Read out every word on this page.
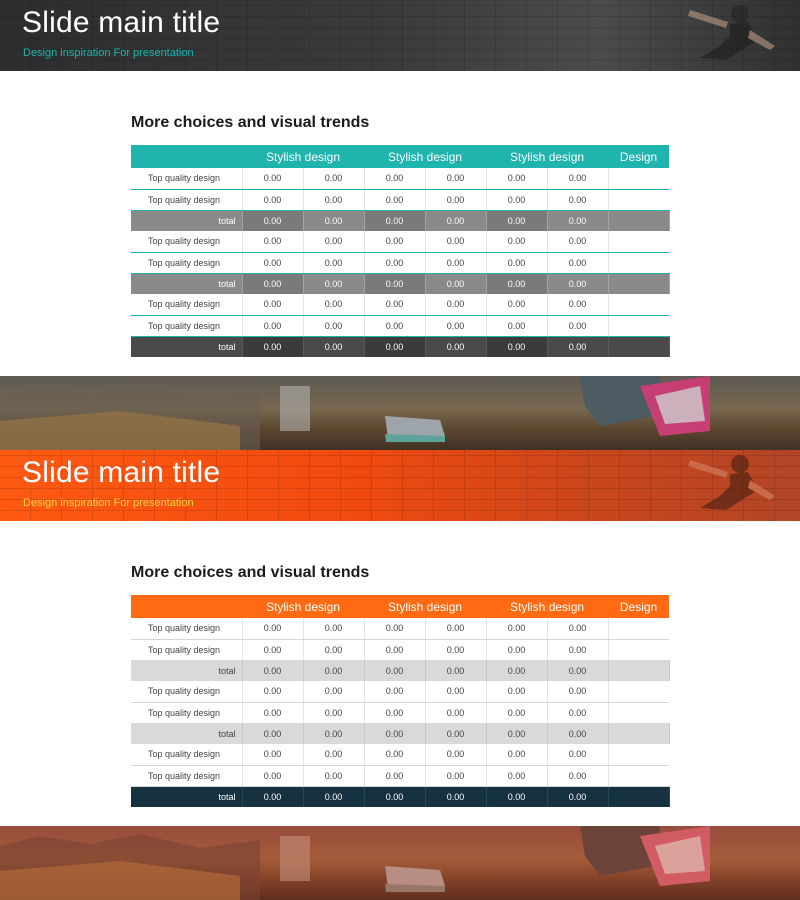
Slide main title
Design inspiration For presentation
More choices and visual trends
	Stylish design		Stylish design		Stylish design		Design
Top quality design	0.00	0.00	0.00	0.00	0.00	0.00	
Top quality design	0.00	0.00	0.00	0.00	0.00	0.00	
total	0.00	0.00	0.00	0.00	0.00	0.00	
Top quality design	0.00	0.00	0.00	0.00	0.00	0.00	
Top quality design	0.00	0.00	0.00	0.00	0.00	0.00	
total	0.00	0.00	0.00	0.00	0.00	0.00	
Top quality design	0.00	0.00	0.00	0.00	0.00	0.00	
Top quality design	0.00	0.00	0.00	0.00	0.00	0.00	
total	0.00	0.00	0.00	0.00	0.00	0.00	
Slide main title
Design inspiration For presentation
More choices and visual trends
	Stylish design		Stylish design		Stylish design		Design
Top quality design	0.00	0.00	0.00	0.00	0.00	0.00	
Top quality design	0.00	0.00	0.00	0.00	0.00	0.00	
total	0.00	0.00	0.00	0.00	0.00	0.00	
Top quality design	0.00	0.00	0.00	0.00	0.00	0.00	
Top quality design	0.00	0.00	0.00	0.00	0.00	0.00	
total	0.00	0.00	0.00	0.00	0.00	0.00	
Top quality design	0.00	0.00	0.00	0.00	0.00	0.00	
Top quality design	0.00	0.00	0.00	0.00	0.00	0.00	
total	0.00	0.00	0.00	0.00	0.00	0.00	
